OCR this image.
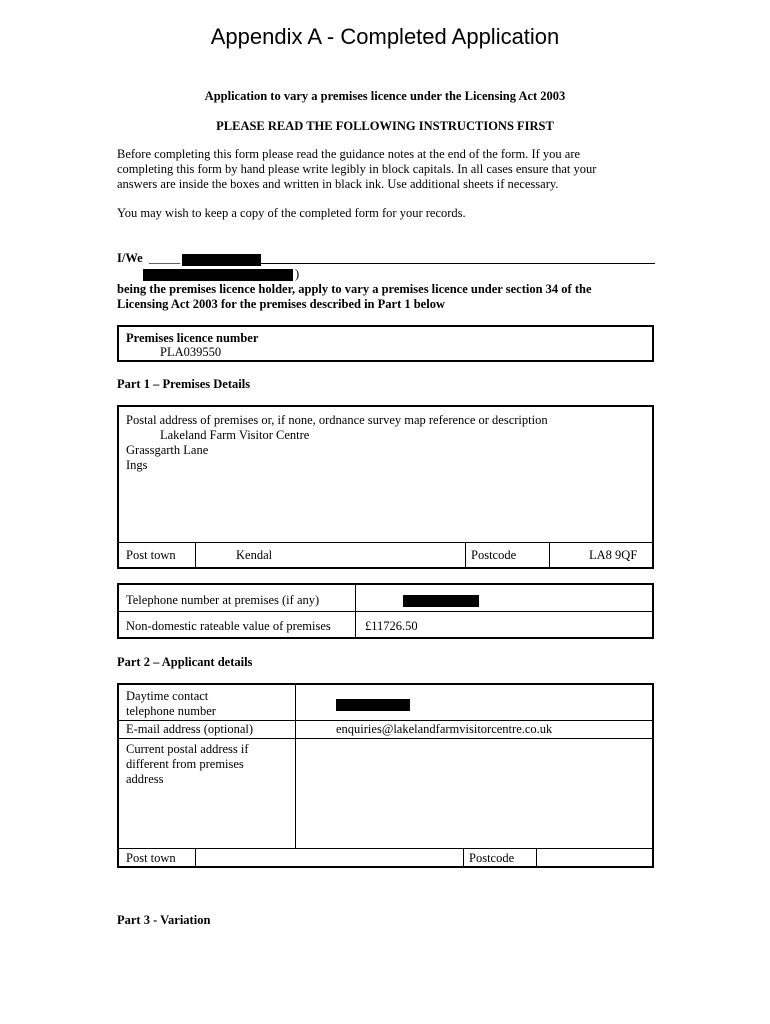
Appendix A - Completed Application
Application to vary a premises licence under the Licensing Act 2003
PLEASE READ THE FOLLOWING INSTRUCTIONS FIRST
Before completing this form please read the guidance notes at the end of the form. If you are
completing this form by hand please write legibly in block capitals. In all cases ensure that your
answers are inside the boxes and written in black ink. Use additional sheets if necessary.
You may wish to keep a copy of the completed form for your records.
I/We _____
)
being the premises licence holder, apply to vary a premises licence under section 34 of the
Licensing Act 2003 for the premises described in Part 1 below
Premises licence number
PLA039550
Part 1 – Premises Details
Postal address of premises or, if none, ordnance survey map reference or description
Lakeland Farm Visitor Centre
Grassgarth Lane
Ings
Post town	Kendal	Postcode	LA8 9QF
Telephone number at premises (if any)
Non-domestic rateable value of premises	£11726.50
Part 2 – Applicant details
Daytime contact
telephone number
E-mail address (optional)	enquiries@lakelandfarmvisitorcentre.co.uk
Current postal address if
different from premises
address
Post town	Postcode
Part 3 - Variation
